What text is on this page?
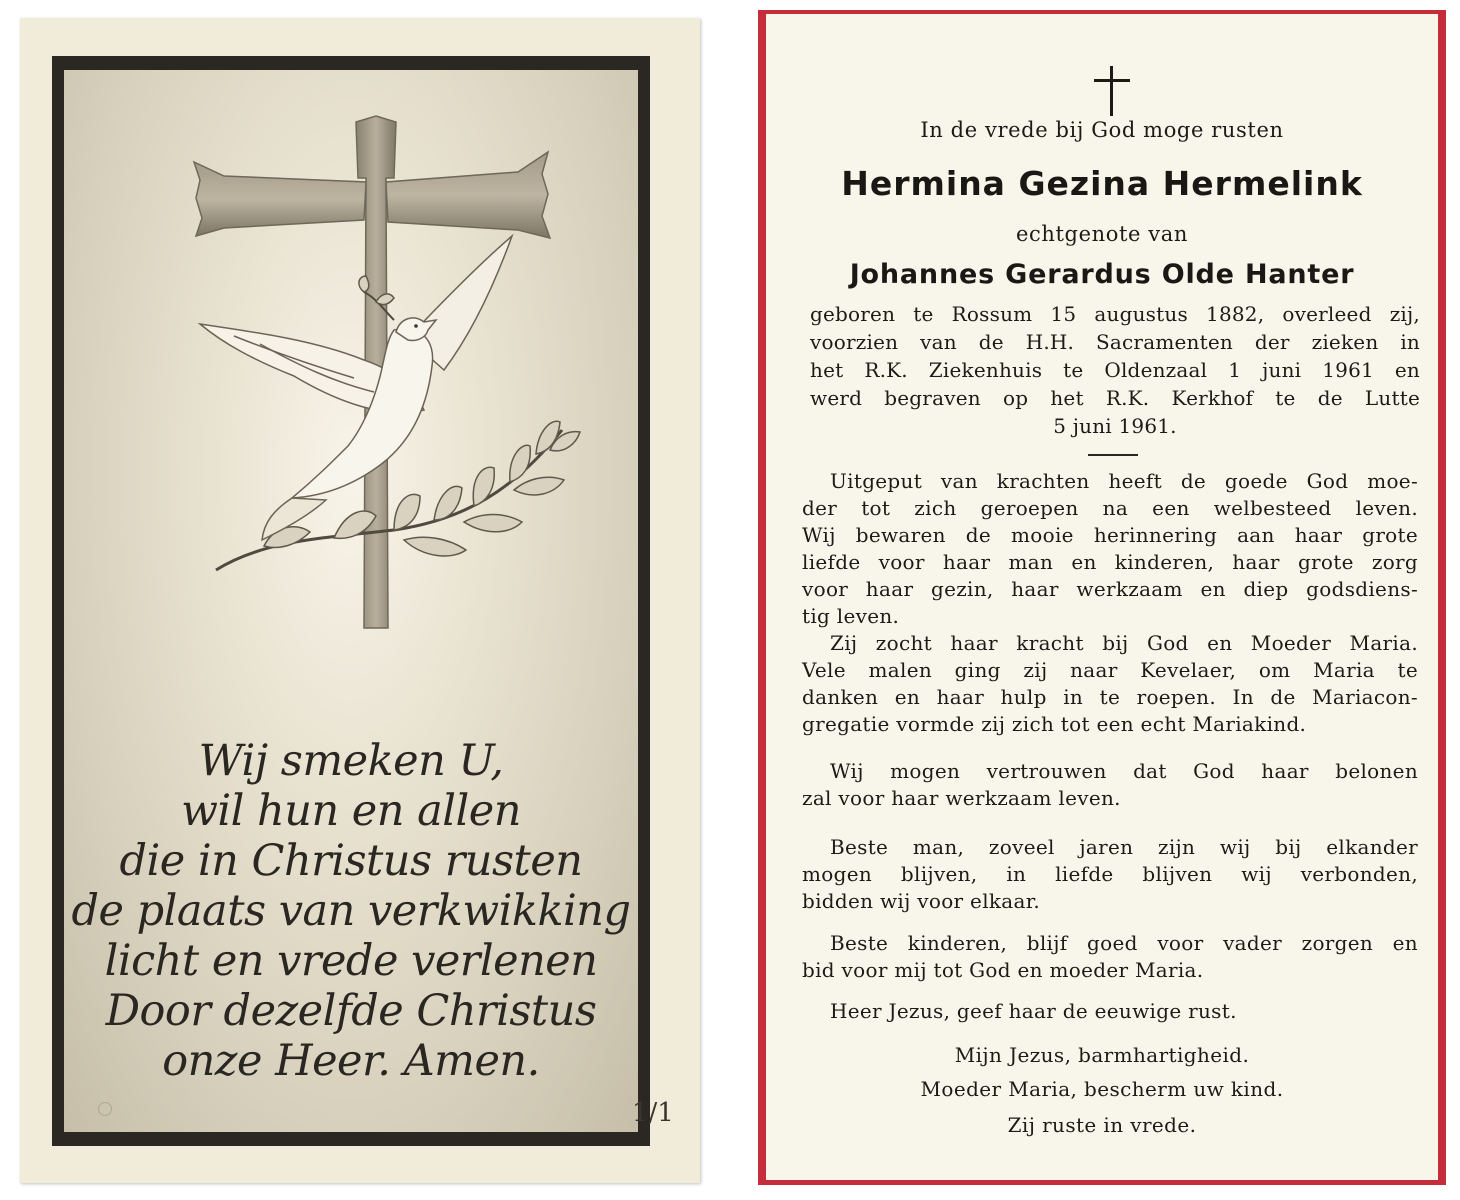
Wij smeken U,
wil hun en allen
die in Christus rusten
de plaats van verkwikking
licht en vrede verlenen
Door dezelfde Christus
onze Heer. Amen.
1/1
In de vrede bij God moge rusten
Hermina Gezina Hermelink
echtgenote van
Johannes Gerardus Olde Hanter
geboren te Rossum 15 augustus 1882, overleed zij,
voorzien van de H.H. Sacramenten der zieken in
het R.K. Ziekenhuis te Oldenzaal 1 juni 1961 en
werd begraven op het R.K. Kerkhof te de Lutte
5 juni 1961.
Uitgeput van krachten heeft de goede God moe-
der tot zich geroepen na een welbesteed leven.
Wij bewaren de mooie herinnering aan haar grote
liefde voor haar man en kinderen, haar grote zorg
voor haar gezin, haar werkzaam en diep godsdiens-
tig leven.
Zij zocht haar kracht bij God en Moeder Maria.
Vele malen ging zij naar Kevelaer, om Maria te
danken en haar hulp in te roepen. In de Mariacon-
gregatie vormde zij zich tot een echt Mariakind.
Wij mogen vertrouwen dat God haar belonen
zal voor haar werkzaam leven.
Beste man, zoveel jaren zijn wij bij elkander
mogen blijven, in liefde blijven wij verbonden,
bidden wij voor elkaar.
Beste kinderen, blijf goed voor vader zorgen en
bid voor mij tot God en moeder Maria.
Heer Jezus, geef haar de eeuwige rust.
Mijn Jezus, barmhartigheid.
Moeder Maria, bescherm uw kind.
Zij ruste in vrede.
